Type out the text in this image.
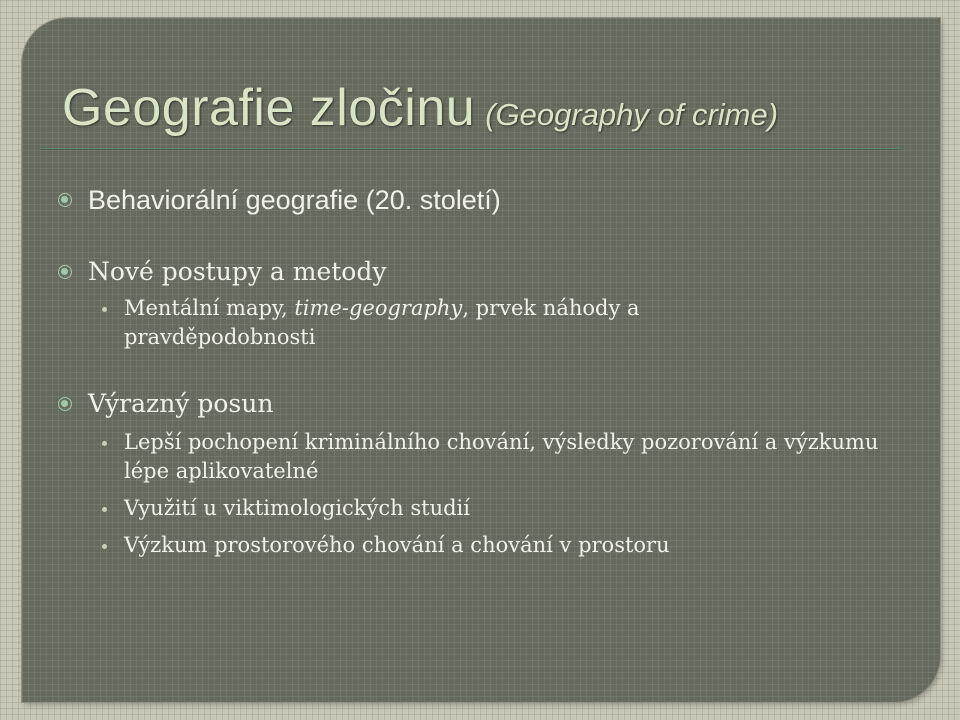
Geografie zločinu (Geography of crime)
Behaviorální geografie (20. století)
Nové postupy a metody
Mentální mapy, time-geography, prvek náhody a pravděpodobnosti
Výrazný posun
Lepší pochopení kriminálního chování, výsledky pozorování a výzkumu lépe aplikovatelné
Využití u viktimologických studií
Výzkum prostorového chování a chování v prostoru
